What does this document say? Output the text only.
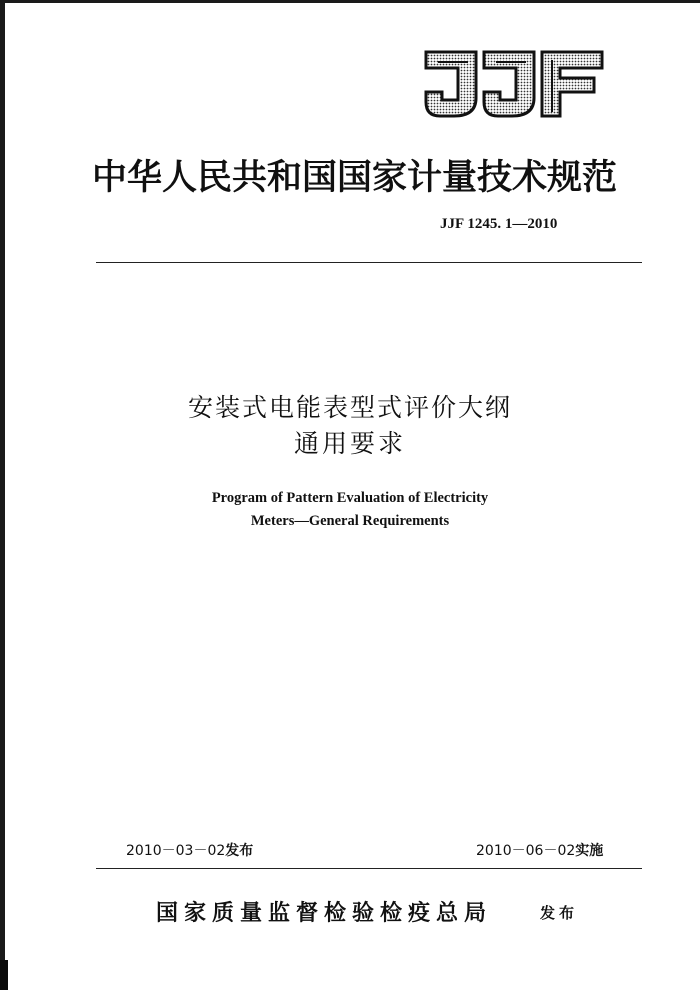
中华人民共和国国家计量技术规范
JJF 1245. 1—2010
安装式电能表型式评价大纲
通用要求
Program of Pattern Evaluation of Electricity
Meters—General Requirements
2010－03－02发布	2010－06－02实施
国家质量监督检验检疫总局	发布
